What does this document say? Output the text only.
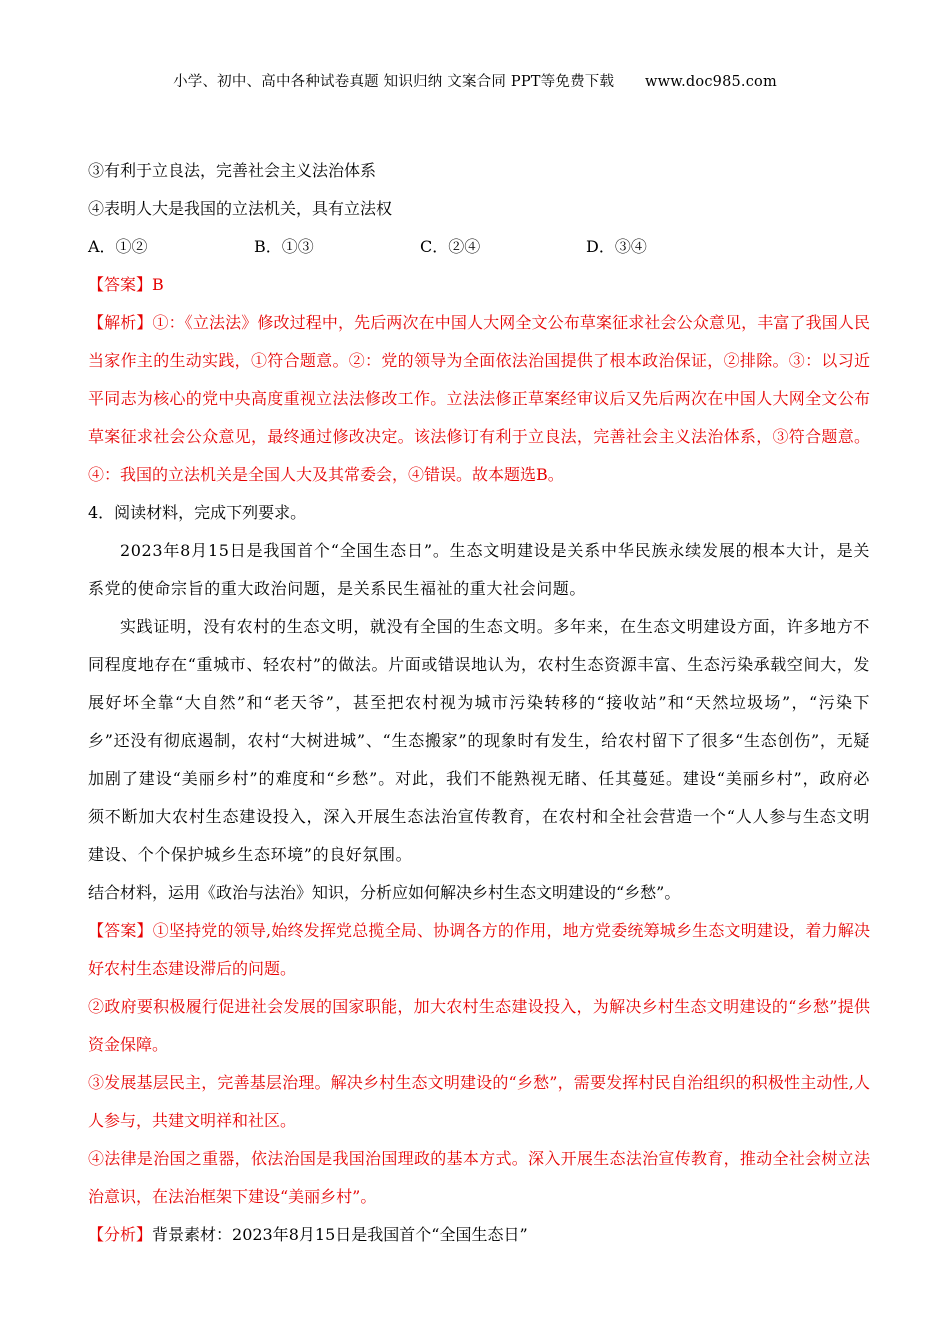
小学、初中、高中各种试卷真题 知识归纳 文案合同 PPT等免费下载 www.doc985.com
③有利于立良法，完善社会主义法治体系
④表明人大是我国的立法机关，具有立法权
A．①②	B．①③	C．②④	D．③④
【答案】B
【解析】①：《立法法》修改过程中，先后两次在中国人大网全文公布草案征求社会公众意见，丰富了我国人民当家作主的生动实践，①符合题意。②：党的领导为全面依法治国提供了根本政治保证，②排除。③：以习近平同志为核心的党中央高度重视立法法修改工作。立法法修正草案经审议后又先后两次在中国人大网全文公布草案征求社会公众意见，最终通过修改决定。该法修订有利于立良法，完善社会主义法治体系，③符合题意。④：我国的立法机关是全国人大及其常委会，④错误。故本题选B。
4．阅读材料，完成下列要求。
2023年8月15日是我国首个“全国生态日”。生态文明建设是关系中华民族永续发展的根本大计，是关系党的使命宗旨的重大政治问题，是关系民生福祉的重大社会问题。
实践证明，没有农村的生态文明，就没有全国的生态文明。多年来，在生态文明建设方面，许多地方不同程度地存在“重城市、轻农村”的做法。片面或错误地认为，农村生态资源丰富、生态污染承载空间大，发展好坏全靠“大自然”和“老天爷”，甚至把农村视为城市污染转移的“接收站”和“天然垃圾场”，“污染下乡”还没有彻底遏制，农村“大树进城”、“生态搬家”的现象时有发生，给农村留下了很多“生态创伤”，无疑加剧了建设“美丽乡村”的难度和“乡愁”。对此，我们不能熟视无睹、任其蔓延。建设“美丽乡村”，政府必须不断加大农村生态建设投入，深入开展生态法治宣传教育，在农村和全社会营造一个“人人参与生态文明建设、个个保护城乡生态环境”的良好氛围。
结合材料，运用《政治与法治》知识，分析应如何解决乡村生态文明建设的“乡愁”。
【答案】①坚持党的领导,始终发挥党总揽全局、协调各方的作用，地方党委统筹城乡生态文明建设，着力解决好农村生态建设滞后的问题。
②政府要积极履行促进社会发展的国家职能，加大农村生态建设投入，为解决乡村生态文明建设的“乡愁”提供资金保障。
③发展基层民主，完善基层治理。解决乡村生态文明建设的“乡愁”，需要发挥村民自治组织的积极性主动性,人人参与，共建文明祥和社区。
④法律是治国之重器，依法治国是我国治国理政的基本方式。深入开展生态法治宣传教育，推动全社会树立法治意识，在法治框架下建设“美丽乡村”。
【分析】背景素材：2023年8月15日是我国首个“全国生态日”
